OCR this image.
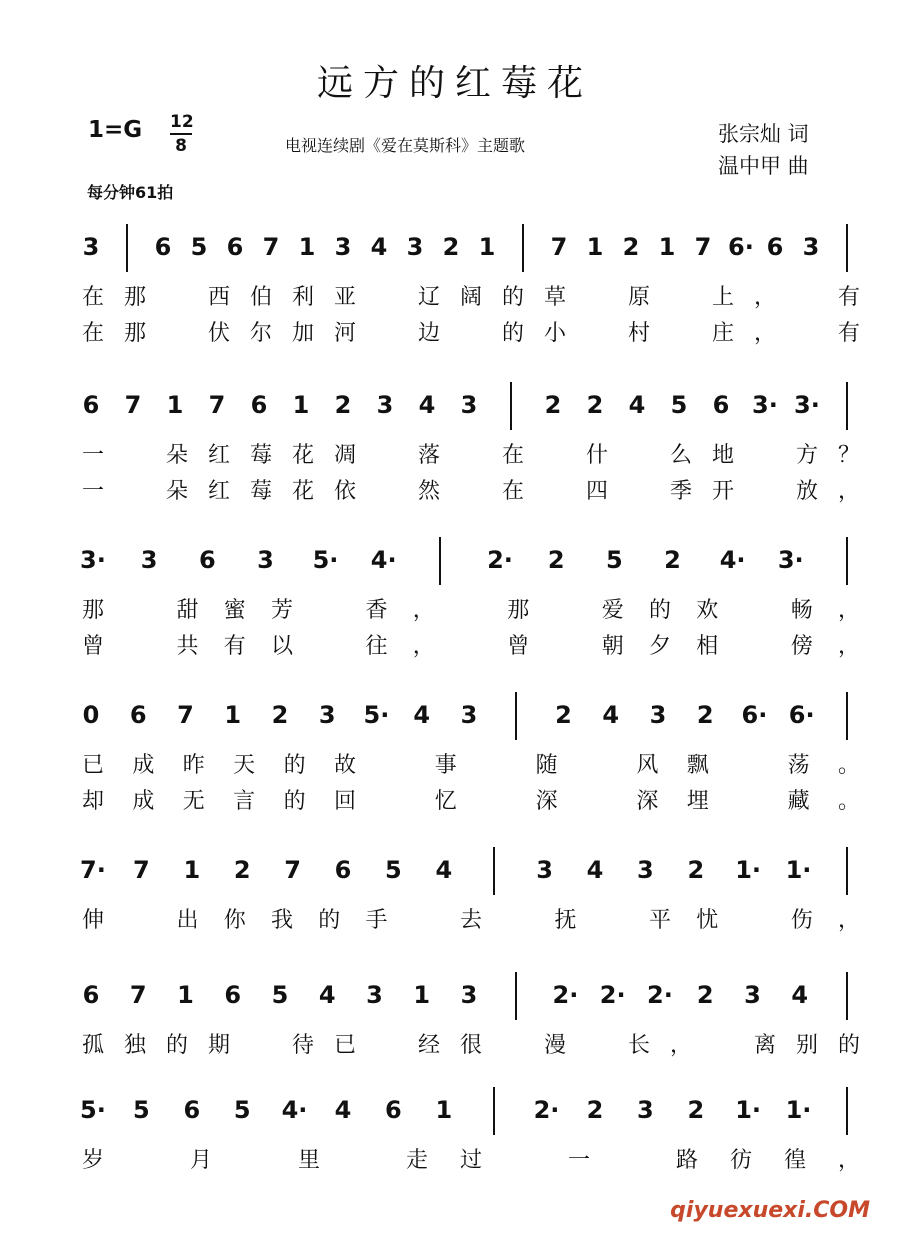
远方的红莓花
1=G 12
8	电视连续剧《爱在莫斯科》主题歌	张宗灿 词
温中甲 曲
每分钟61拍
3 6 5 6 7 1 3 4 3 2 1 7 1 2 1 7 6· 6 3
在 那	西 伯 利 亚	辽 阔 的 草	原	上 ，	有
在 那	伏 尔 加 河	边	的 小	村	庄 ，	有
6 7 1 7 6 1 2 3 4 3	2 2 4 5 6 3· 3·
一	朵 红 莓 花 凋	落	在	什	么 地	方 ？
一	朵 红 莓 花 依	然	在	四	季 开	放 ，
3· 3 6 3 5· 4·	2· 2 5 2 4· 3·
那	甜 蜜 芳	香 ，	那	爱 的 欢	畅 ，
曾	共 有 以	往 ，	曾	朝 夕 相	傍 ，
0 6 7 1 2 3 5· 4 3	2 4 3 2 6· 6·
已 成 昨 天 的 故	事	随	风 飘	荡 。
却 成 无 言 的 回	忆	深	深 埋	藏 。
7· 7 1 2 7 6 5 4	3 4 3 2 1· 1·
伸	出 你 我 的 手	去	抚	平 忧	伤 ，
6 7 1 6 5 4 3 1 3	2· 2· 2· 2 3 4
孤 独 的 期	待 已	经 很	漫	长 ，	离 别 的
5· 5 6 5 4· 4 6 1	2· 2 3 2 1· 1·
岁	月	里	走 过	一	路 彷 徨 ，
qiyuexuexi.COM
